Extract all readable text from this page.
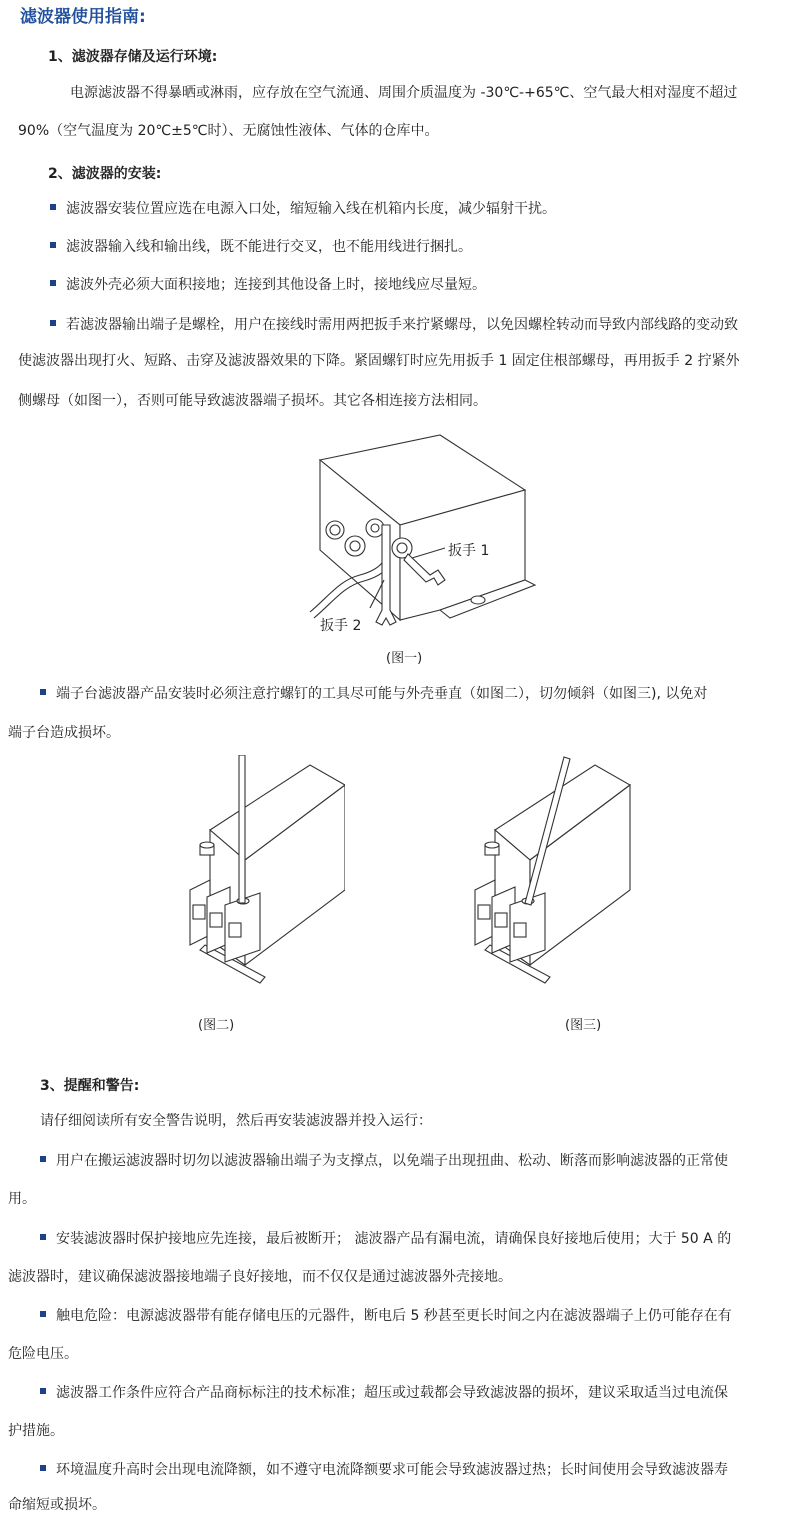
滤波器使用指南:
1、滤波器存储及运行环境:
电源滤波器不得暴晒或淋雨，应存放在空气流通、周围介质温度为 -30℃-+65℃、空气最大相对湿度不超过
90%（空气温度为 20℃±5℃时）、无腐蚀性液体、气体的仓库中。
2、滤波器的安装:
滤波器安装位置应选在电源入口处，缩短输入线在机箱内长度，减少辐射干扰。
滤波器输入线和输出线，既不能进行交叉，也不能用线进行捆扎。
滤波外壳必须大面积接地；连接到其他设备上时，接地线应尽量短。
若滤波器输出端子是螺栓，用户在接线时需用两把扳手来拧紧螺母，以免因螺栓转动而导致内部线路的变动致
使滤波器出现打火、短路、击穿及滤波器效果的下降。紧固螺钉时应先用扳手 1 固定住根部螺母，再用扳手 2 拧紧外
侧螺母（如图一），否则可能导致滤波器端子损坏。其它各相连接方法相同。
扳手 1
扳手 2
(图一)
端子台滤波器产品安装时必须注意拧螺钉的工具尽可能与外壳垂直（如图二），切勿倾斜（如图三), 以免对
端子台造成损坏。
(图二)	(图三)
3、提醒和警告:
请仔细阅读所有安全警告说明，然后再安装滤波器并投入运行：
用户在搬运滤波器时切勿以滤波器输出端子为支撑点，以免端子出现扭曲、松动、断落而影响滤波器的正常使
用。
安装滤波器时保护接地应先连接，最后被断开； 滤波器产品有漏电流，请确保良好接地后使用；大于 50 A 的
滤波器时，建议确保滤波器接地端子良好接地，而不仅仅是通过滤波器外壳接地。
触电危险：电源滤波器带有能存储电压的元器件，断电后 5 秒甚至更长时间之内在滤波器端子上仍可能存在有
危险电压。
滤波器工作条件应符合产品商标标注的技术标准；超压或过载都会导致滤波器的损坏，建议采取适当过电流保
护措施。
环境温度升高时会出现电流降额，如不遵守电流降额要求可能会导致滤波器过热；长时间使用会导致滤波器寿
命缩短或损坏。
